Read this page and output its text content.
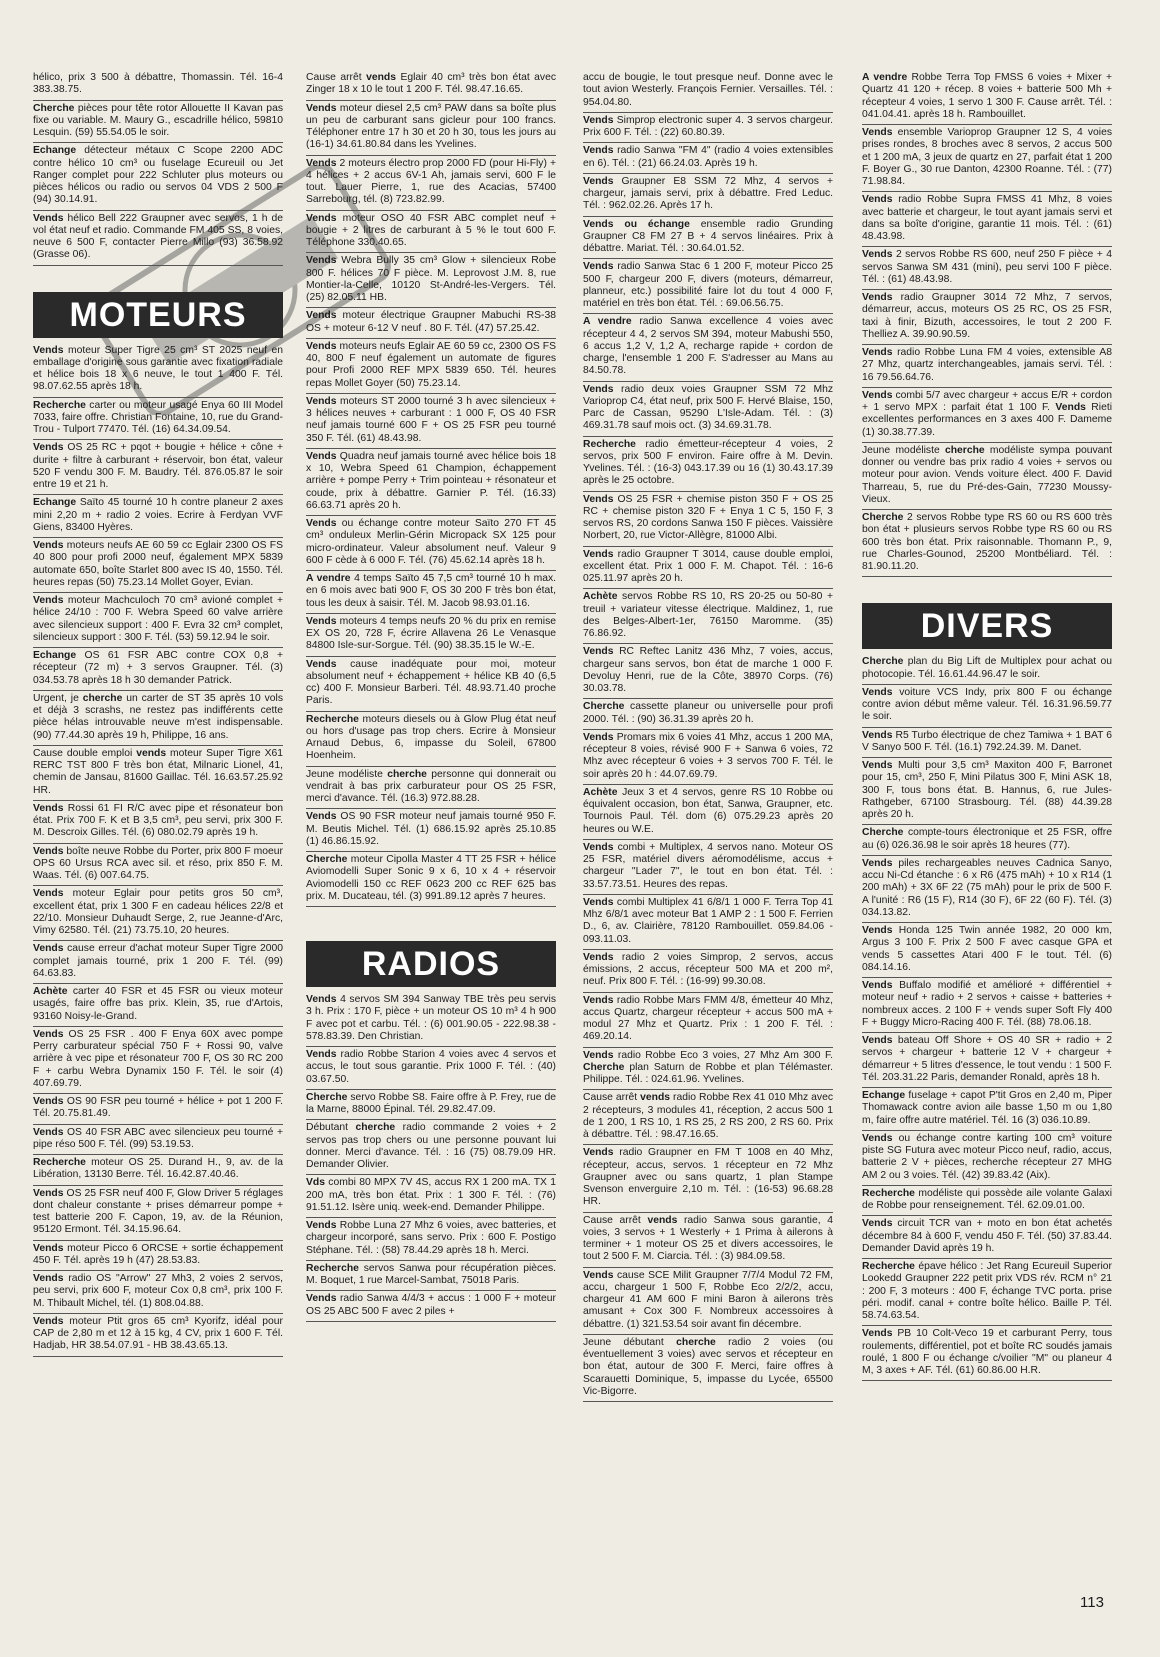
hélico, prix 3 500 à débattre, Thomassin. Tél. 16-4 383.38.75.
Cherche pièces pour tête rotor Allouette II Kavan pas fixe ou variable. M. Maury G., escadrille hélico, 59810 Lesquin. (59) 55.54.05 le soir.
Echange détecteur métaux C Scope 2200 ADC contre hélico 10 cm³ ou fuselage Ecureuil ou Jet Ranger complet pour 222 Schluter plus moteurs ou pièces hélicos ou radio ou servos 04 VDS 2 500 F (94) 30.14.91.
Vends hélico Bell 222 Graupner avec servos, 1 h de vol état neuf et radio. Commande FM 405 SS, 8 voies, neuve 6 500 F, contacter Pierre Millo (93) 36.58.92 (Grasse 06).
MOTEURS
Vends moteur Super Tigre 25 cm³ ST 2025 neuf en emballage d'origine sous garantie avec fixation radiale et hélice bois 18 x 6 neuve, le tout 1 400 F. Tél. 98.07.62.55 après 18 h.
Recherche carter ou moteur usagé Enya 60 III Model 7033, faire offre. Christian Fontaine, 10, rue du Grand-Trou - Tulport 77470. Tél. (16) 64.34.09.54.
Vends OS 25 RC + pqot + bougie + hélice + cône + durite + filtre à carburant + réservoir, bon état, valeur 520 F vendu 300 F. M. Baudry. Tél. 876.05.87 le soir entre 19 et 21 h.
Echange Saïto 45 tourné 10 h contre planeur 2 axes mini 2,20 m + radio 2 voies. Ecrire à Ferdyan VVF Giens, 83400 Hyères.
Vends moteurs neufs AE 60 59 cc Eglair 2300 OS FS 40 800 pour profi 2000 neuf, également MPX 5839 automate 650, boîte Starlet 800 avec IS 40, 1550. Tél. heures repas (50) 75.23.14 Mollet Goyer, Evian.
Vends moteur Machculoch 70 cm³ avioné complet + hélice 24/10 : 700 F. Webra Speed 60 valve arrière avec silencieux support : 400 F. Evra 32 cm³ complet, silencieux support : 300 F. Tél. (53) 59.12.94 le soir.
Echange OS 61 FSR ABC contre COX 0,8 + récepteur (72 m) + 3 servos Graupner. Tél. (3) 034.53.78 après 18 h 30 demander Patrick.
Urgent, je cherche un carter de ST 35 après 10 vols et déjà 3 scrashs, ne restez pas indifférents cette pièce hélas introuvable neuve m'est indispensable. (90) 77.44.30 après 19 h, Philippe, 16 ans.
Cause double emploi vends moteur Super Tigre X61 RERC TST 800 F très bon état, Milnaric Lionel, 41, chemin de Jansau, 81600 Gaillac. Tél. 16.63.57.25.92 HR.
Vends Rossi 61 FI R/C avec pipe et résonateur bon état. Prix 700 F. K et B 3,5 cm³, peu servi, prix 300 F. M. Descroix Gilles. Tél. (6) 080.02.79 après 19 h.
Vends boîte neuve Robbe du Porter, prix 800 F moeur OPS 60 Ursus RCA avec sil. et réso, prix 850 F. M. Waas. Tél. (6) 007.64.75.
Vends moteur Eglair pour petits gros 50 cm³, excellent état, prix 1 300 F en cadeau hélices 22/8 et 22/10. Monsieur Duhaudt Serge, 2, rue Jeanne-d'Arc, Vimy 62580. Tél. (21) 73.75.10, 20 heures.
Vends cause erreur d'achat moteur Super Tigre 2000 complet jamais tourné, prix 1 200 F. Tél. (99) 64.63.83.
Achète carter 40 FSR et 45 FSR ou vieux moteur usagés, faire offre bas prix. Klein, 35, rue d'Artois, 93160 Noisy-le-Grand.
Vends OS 25 FSR . 400 F Enya 60X avec pompe Perry carburateur spécial 750 F + Rossi 90, valve arrière à vec pipe et résonateur 700 F, OS 30 RC 200 F + carbu Webra Dynamix 150 F. Tél. le soir (4) 407.69.79.
Vends OS 90 FSR peu tourné + hélice + pot 1 200 F. Tél. 20.75.81.49.
Vends OS 40 FSR ABC avec silencieux peu tourné + pipe réso 500 F. Tél. (99) 53.19.53.
Recherche moteur OS 25. Durand H., 9, av. de la Libération, 13130 Berre. Tél. 16.42.87.40.46.
Vends OS 25 FSR neuf 400 F, Glow Driver 5 réglages dont chaleur constante + prises démarreur pompe + test batterie 200 F. Capon, 19, av. de la Réunion, 95120 Ermont. Tél. 34.15.96.64.
Vends moteur Picco 6 ORCSE + sortie échappement 450 F. Tél. après 19 h (47) 28.53.83.
Vends radio OS "Arrow" 27 Mh3, 2 voies 2 servos, peu servi, prix 600 F, moteur Cox 0,8 cm³, prix 100 F. M. Thibault Michel, tél. (1) 808.04.88.
Vends moteur Ptit gros 65 cm³ Kyorifz, idéal pour CAP de 2,80 m et 12 à 15 kg, 4 CV, prix 1 600 F. Tél. Hadjab, HR 38.54.07.91 - HB 38.43.65.13.
Cause arrêt vends Eglair 40 cm³ très bon état avec Zinger 18 x 10 le tout 1 200 F. Tél. 98.47.16.65.
Vends moteur diesel 2,5 cm³ PAW dans sa boîte plus un peu de carburant sans gicleur pour 100 francs. Téléphoner entre 17 h 30 et 20 h 30, tous les jours au (16-1) 34.61.80.84 dans les Yvelines.
Vends 2 moteurs électro prop 2000 FD (pour Hi-Fly) + 4 hélices + 2 accus 6V-1 Ah, jamais servi, 600 F le tout. Lauer Pierre, 1, rue des Acacias, 57400 Sarrebourg, tél. (8) 723.82.99.
Vends moteur OSO 40 FSR ABC complet neuf + bougie + 2 litres de carburant à 5 % le tout 600 F. Téléphone 330.40.65.
Vends Webra Bully 35 cm³ Glow + silencieux Robe 800 F. hélices 70 F pièce. M. Leprovost J.M. 8, rue Montier-la-Celle, 10120 St-André-les-Vergers. Tél. (25) 82.05.11 HB.
Vends moteur électrique Graupner Mabuchi RS-38 OS + moteur 6-12 V neuf . 80 F. Tél. (47) 57.25.42.
Vends moteurs neufs Eglair AE 60 59 cc, 2300 OS FS 40, 800 F neuf également un automate de figures pour Profi 2000 REF MPX 5839 650. Tél. heures repas Mollet Goyer (50) 75.23.14.
Vends moteurs ST 2000 tourné 3 h avec silencieux + 3 hélices neuves + carburant : 1 000 F, OS 40 FSR neuf jamais tourné 600 F + OS 25 FSR peu tourné 350 F. Tél. (61) 48.43.98.
Vends Quadra neuf jamais tourné avec hélice bois 18 x 10, Webra Speed 61 Champion, échappement arrière + pompe Perry + Trim pointeau + résonateur et coude, prix à débattre. Garnier P. Tél. (16.33) 66.63.71 après 20 h.
Vends ou échange contre moteur Saïto 270 FT 45 cm³ onduleux Merlin-Gérin Micropack SX 125 pour micro-ordinateur. Valeur absolument neuf. Valeur 9 600 F cède à 6 000 F. Tél. (76) 45.62.14 après 18 h.
A vendre 4 temps Saïto 45 7,5 cm³ tourné 10 h max. en 6 mois avec bati 900 F, OS 30 200 F très bon état, tous les deux à saisir. Tél. M. Jacob 98.93.01.16.
Vends moteurs 4 temps neufs 20 % du prix en remise EX OS 20, 728 F, écrire Allavena 26 Le Venasque 84800 Isle-sur-Sorgue. Tél. (90) 38.35.15 le W.-E.
Vends cause inadéquate pour moi, moteur absolument neuf + échappement + hélice KB 40 (6,5 cc) 400 F. Monsieur Barberi. Tél. 48.93.71.40 proche Paris.
Recherche moteurs diesels ou à Glow Plug état neuf ou hors d'usage pas trop chers. Ecrire à Monsieur Arnaud Debus, 6, impasse du Soleil, 67800 Hoenheim.
Jeune modéliste cherche personne qui donnerait ou vendrait à bas prix carburateur pour OS 25 FSR, merci d'avance. Tél. (16.3) 972.88.28.
Vends OS 90 FSR moteur neuf jamais tourné 950 F. M. Beutis Michel. Tél. (1) 686.15.92 après 25.10.85 (1) 46.86.15.92.
Cherche moteur Cipolla Master 4 TT 25 FSR + hélice Aviomodelli Super Sonic 9 x 6, 10 x 4 + réservoir Aviomodelli 150 cc REF 0623 200 cc REF 625 bas prix. M. Ducateau, tél. (3) 991.89.12 après 7 heures.
RADIOS
Vends 4 servos SM 394 Sanway TBE très peu servis 3 h. Prix : 170 F, pièce + un moteur OS 10 m³ 4 h 900 F avec pot et carbu. Tél. : (6) 001.90.05 - 222.98.38 - 578.83.39. Den Christian.
Vends radio Robbe Starion 4 voies avec 4 servos et accus, le tout sous garantie. Prix 1000 F. Tél. : (40) 03.67.50.
Cherche servo Robbe S8. Faire offre à P. Frey, rue de la Marne, 88000 Épinal. Tél. 29.82.47.09.
Débutant cherche radio commande 2 voies + 2 servos pas trop chers ou une personne pouvant lui donner. Merci d'avance. Tél. : 16 (75) 08.79.09 HR. Demander Olivier.
Vds combi 80 MPX 7V 4S, accus RX 1 200 mA. TX 1 200 mA, très bon état. Prix : 1 300 F. Tél. : (76) 91.51.12. Isère uniq. week-end. Demander Philippe.
Vends Robbe Luna 27 Mhz 6 voies, avec batteries, et chargeur incorporé, sans servo. Prix : 600 F. Postigo Stéphane. Tél. : (58) 78.44.29 après 18 h. Merci.
Recherche servos Sanwa pour récupération pièces. M. Boquet, 1 rue Marcel-Sambat, 75018 Paris.
Vends radio Sanwa 4/4/3 + accus : 1 000 F + moteur OS 25 ABC 500 F avec 2 piles +
accu de bougie, le tout presque neuf. Donne avec le tout avion Westerly. François Fernier. Versailles. Tél. : 954.04.80.
Vends Simprop electronic super 4. 3 servos chargeur. Prix 600 F. Tél. : (22) 60.80.39.
Vends radio Sanwa "FM 4" (radio 4 voies extensibles en 6). Tél. : (21) 66.24.03. Après 19 h.
Vends Graupner E8 SSM 72 Mhz, 4 servos + chargeur, jamais servi, prix à débattre. Fred Leduc. Tél. : 962.02.26. Après 17 h.
Vends ou échange ensemble radio Grunding Graupner C8 FM 27 B + 4 servos linéaires. Prix à débattre. Mariat. Tél. : 30.64.01.52.
Vends radio Sanwa Stac 6 1 200 F, moteur Picco 25 500 F, chargeur 200 F, divers (moteurs, démarreur, planneur, etc.) possibilité faire lot du tout 4 000 F, matériel en très bon état. Tél. : 69.06.56.75.
A vendre radio Sanwa excellence 4 voies avec récepteur 4 4, 2 servos SM 394, moteur Mabushi 550, 6 accus 1,2 V, 1,2 A, recharge rapide + cordon de charge, l'ensemble 1 200 F. S'adresser au Mans au 84.50.78.
Vends radio deux voies Graupner SSM 72 Mhz Varioprop C4, état neuf, prix 500 F. Hervé Blaise, 150, Parc de Cassan, 95290 L'Isle-Adam. Tél. : (3) 469.31.78 sauf mois oct. (3) 34.69.31.78.
Recherche radio émetteur-récepteur 4 voies, 2 servos, prix 500 F environ. Faire offre à M. Devin. Yvelines. Tél. : (16-3) 043.17.39 ou 16 (1) 30.43.17.39 après le 25 octobre.
Vends OS 25 FSR + chemise piston 350 F + OS 25 RC + chemise piston 320 F + Enya 1 C 5, 150 F, 3 servos RS, 20 cordons Sanwa 150 F pièces. Vaissière Norbert, 20, rue Victor-Allègre, 81000 Albi.
Vends radio Graupner T 3014, cause double emploi, excellent état. Prix 1 000 F. M. Chapot. Tél. : 16-6 025.11.97 après 20 h.
Achète servos Robbe RS 10, RS 20-25 ou 50-80 + treuil + variateur vitesse électrique. Maldinez, 1, rue des Belges-Albert-1er, 76150 Maromme. (35) 76.86.92.
Vends RC Reftec Lanitz 436 Mhz, 7 voies, accus, chargeur sans servos, bon état de marche 1 000 F. Devoluy Henri, rue de la Côte, 38970 Corps. (76) 30.03.78.
Cherche cassette planeur ou universelle pour profi 2000. Tél. : (90) 36.31.39 après 20 h.
Vends Promars mix 6 voies 41 Mhz, accus 1 200 MA, récepteur 8 voies, révisé 900 F + Sanwa 6 voies, 72 Mhz avec récepteur 6 voies + 3 servos 700 F. Tél. le soir après 20 h : 44.07.69.79.
Achète Jeux 3 et 4 servos, genre RS 10 Robbe ou équivalent occasion, bon état, Sanwa, Graupner, etc. Tournois Paul. Tél. dom (6) 075.29.23 après 20 heures ou W.E.
Vends combi + Multiplex, 4 servos nano. Moteur OS 25 FSR, matériel divers aéromodélisme, accus + chargeur "Lader 7", le tout en bon état. Tél. : 33.57.73.51. Heures des repas.
Vends combi Multiplex 41 6/8/1 1 000 F. Terra Top 41 Mhz 6/8/1 avec moteur Bat 1 AMP 2 : 1 500 F. Ferrien D., 6, av. Clairière, 78120 Rambouillet. 059.84.06 - 093.11.03.
Vends radio 2 voies Simprop, 2 servos, accus émissions, 2 accus, récepteur 500 MA et 200 m², neuf. Prix 800 F. Tél. : (16-99) 99.30.08.
Vends radio Robbe Mars FMM 4/8, émetteur 40 Mhz, accus Quartz, chargeur récepteur + accus 500 mA + modul 27 Mhz et Quartz. Prix : 1 200 F. Tél. : 469.20.14.
Vends radio Robbe Eco 3 voies, 27 Mhz Am 300 F. Cherche plan Saturn de Robbe et plan Télémaster. Philippe. Tél. : 024.61.96. Yvelines.
Cause arrêt vends radio Robbe Rex 41 010 Mhz avec 2 récepteurs, 3 modules 41, réception, 2 accus 500 1 de 1 200, 1 RS 10, 1 RS 25, 2 RS 200, 2 RS 60. Prix à débattre. Tél. : 98.47.16.65.
Vends radio Graupner en FM T 1008 en 40 Mhz, récepteur, accus, servos. 1 récepteur en 72 Mhz Graupner avec ou sans quartz, 1 plan Stampe Svenson enverguire 2,10 m. Tél. : (16-53) 96.68.28 HR.
Cause arrêt vends radio Sanwa sous garantie, 4 voies, 3 servos + 1 Westerly + 1 Prima à ailerons à terminer + 1 moteur OS 25 et divers accessoires, le tout 2 500 F. M. Ciarcia. Tél. : (3) 984.09.58.
Vends cause SCE Milit Graupner 7/7/4 Modul 72 FM, accu, chargeur 1 500 F, Robbe Eco 2/2/2, accu, chargeur 41 AM 600 F mini Baron à ailerons très amusant + Cox 300 F. Nombreux accessoires à débattre. (1) 321.53.54 soir avant fin décembre.
Jeune débutant cherche radio 2 voies (ou éventuellement 3 voies) avec servos et récepteur en bon état, autour de 300 F. Merci, faire offres à Scarauetti Dominique, 5, impasse du Lycée, 65500 Vic-Bigorre.
A vendre Robbe Terra Top FMSS 6 voies + Mixer + Quartz 41 120 + récep. 8 voies + batterie 500 Mh + récepteur 4 voies, 1 servo 1 300 F. Cause arrêt. Tél. : 041.04.41. après 18 h. Rambouillet.
Vends ensemble Varioprop Graupner 12 S, 4 voies prises rondes, 8 broches avec 8 servos, 2 accus 500 et 1 200 mA, 3 jeux de quartz en 27, parfait état 1 200 F. Boyer G., 30 rue Danton, 42300 Roanne. Tél. : (77) 71.98.84.
Vends radio Robbe Supra FMSS 41 Mhz, 8 voies avec batterie et chargeur, le tout ayant jamais servi et dans sa boîte d'origine, garantie 11 mois. Tél. : (61) 48.43.98.
Vends 2 servos Robbe RS 600, neuf 250 F pièce + 4 servos Sanwa SM 431 (mini), peu servi 100 F pièce. Tél. : (61) 48.43.98.
Vends radio Graupner 3014 72 Mhz, 7 servos, démarreur, accus, moteurs OS 25 RC, OS 25 FSR, taxi à finir, Bizuth, accessoires, le tout 2 200 F. Thelliez A. 39.90.90.59.
Vends radio Robbe Luna FM 4 voies, extensible A8 27 Mhz, quartz interchangeables, jamais servi. Tél. : 16 79.56.64.76.
Vends combi 5/7 avec chargeur + accus E/R + cordon + 1 servo MPX : parfait état 1 100 F. Vends Rieti excellentes performances en 3 axes 400 F. Dameme (1) 30.38.77.39.
Jeune modéliste cherche modéliste sympa pouvant donner ou vendre bas prix radio 4 voies + servos ou moteur pour avion. Vends voiture élect. 400 F. David Tharreau, 5, rue du Pré-des-Gain, 77230 Moussy-Vieux.
Cherche 2 servos Robbe type RS 60 ou RS 600 très bon état + plusieurs servos Robbe type RS 60 ou RS 600 très bon état. Prix raisonnable. Thomann P., 9, rue Charles-Gounod, 25200 Montbéliard. Tél. : 81.90.11.20.
DIVERS
Cherche plan du Big Lift de Multiplex pour achat ou photocopie. Tél. 16.61.44.96.47 le soir.
Vends voiture VCS Indy, prix 800 F ou échange contre avion début même valeur. Tél. 16.31.96.59.77 le soir.
Vends R5 Turbo électrique de chez Tamiwa + 1 BAT 6 V Sanyo 500 F. Tél. (16.1) 792.24.39. M. Danet.
Vends Multi pour 3,5 cm³ Maxiton 400 F, Barronet pour 15, cm³, 250 F, Mini Pilatus 300 F, Mini ASK 18, 300 F, tous bons état. B. Hannus, 6, rue Jules-Rathgeber, 67100 Strasbourg. Tél. (88) 44.39.28 après 20 h.
Cherche compte-tours électronique et 25 FSR, offre au (6) 026.36.98 le soir après 18 heures (77).
Vends piles rechargeables neuves Cadnica Sanyo, accu Ni-Cd étanche : 6 x R6 (475 mAh) + 10 x R14 (1 200 mAh) + 3X 6F 22 (75 mAh) pour le prix de 500 F. A l'unité : R6 (15 F), R14 (30 F), 6F 22 (60 F). Tél. (3) 034.13.82.
Vends Honda 125 Twin année 1982, 20 000 km, Argus 3 100 F. Prix 2 500 F avec casque GPA et vends 5 cassettes Atari 400 F le tout. Tél. (6) 084.14.16.
Vends Buffalo modifié et amélioré + différentiel + moteur neuf + radio + 2 servos + caisse + batteries + nombreux acces. 2 100 F + vends super Soft Fly 400 F + Buggy Micro-Racing 400 F. Tél. (88) 78.06.18.
Vends bateau Off Shore + OS 40 SR + radio + 2 servos + chargeur + batterie 12 V + chargeur + démarreur + 5 litres d'essence, le tout vendu : 1 500 F. Tél. 203.31.22 Paris, demander Ronald, après 18 h.
Echange fuselage + capot P'tit Gros en 2,40 m, Piper Thomawack contre avion aile basse 1,50 m ou 1,80 m, faire offre autre matériel. Tél. 16 (3) 036.10.89.
Vends ou échange contre karting 100 cm³ voiture piste SG Futura avec moteur Picco neuf, radio, accus, batterie 2 V + pièces, recherche récepteur 27 MHG AM 2 ou 3 voies. Tél. (42) 39.83.42 (Aix).
Recherche modéliste qui possède aile volante Galaxi de Robbe pour renseignement. Tél. 62.09.01.00.
Vends circuit TCR van + moto en bon état achetés décembre 84 à 600 F, vendu 450 F. Tél. (50) 37.83.44. Demander David après 19 h.
Recherche épave hélico : Jet Rang Ecureuil Superior Lookedd Graupner 222 petit prix VDS rév. RCM n° 21 : 200 F, 3 moteurs : 400 F, échange TVC porta. prise péri. modif. canal + contre boîte hélico. Baille P. Tél. 58.74.63.54.
Vends PB 10 Colt-Veco 19 et carburant Perry, tous roulements, différentiel, pot et boîte RC soudés jamais roulé, 1 800 F ou échange c/voilier "M" ou planeur 4 M, 3 axes + AF. Tél. (61) 60.86.00 H.R.
113
